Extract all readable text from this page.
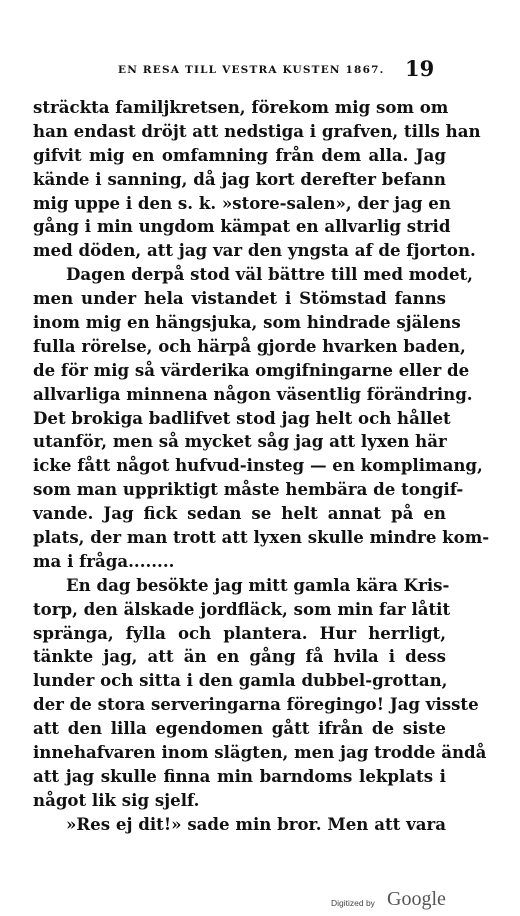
EN RESA TILL VESTRA KUSTEN 1867. 19
sträckta familjkretsen, förekom mig som om
han endast dröjt att nedstiga i grafven, tills han
gifvit mig en omfamning från dem alla. Jag
kände i sanning, då jag kort derefter befann
mig uppe i den s. k. »store-salen», der jag en
gång i min ungdom kämpat en allvarlig strid
med döden, att jag var den yngsta af de fjorton.
Dagen derpå stod väl bättre till med modet,
men under hela vistandet i Stömstad fanns
inom mig en hängsjuka, som hindrade själens
fulla rörelse, och härpå gjorde hvarken baden,
de för mig så värderika omgifningarne eller de
allvarliga minnena någon väsentlig förändring.
Det brokiga badlifvet stod jag helt och hållet
utanför, men så mycket såg jag att lyxen här
icke fått något hufvud-insteg — en komplimang,
som man uppriktigt måste hembära de tongif-
vande. Jag fick sedan se helt annat på en
plats, der man trott att lyxen skulle mindre kom-
ma i fråga........
En dag besökte jag mitt gamla kära Kris-
torp, den älskade jordfläck, som min far låtit
spränga, fylla och plantera. Hur herrligt,
tänkte jag, att än en gång få hvila i dess
lunder och sitta i den gamla dubbel-grottan,
der de stora serveringarna föregingo! Jag visste
att den lilla egendomen gått ifrån de siste
innehafvaren inom slägten, men jag trodde ändå
att jag skulle finna min barndoms lekplats i
något lik sig sjelf.
»Res ej dit!» sade min bror. Men att vara
Digitized by Google
